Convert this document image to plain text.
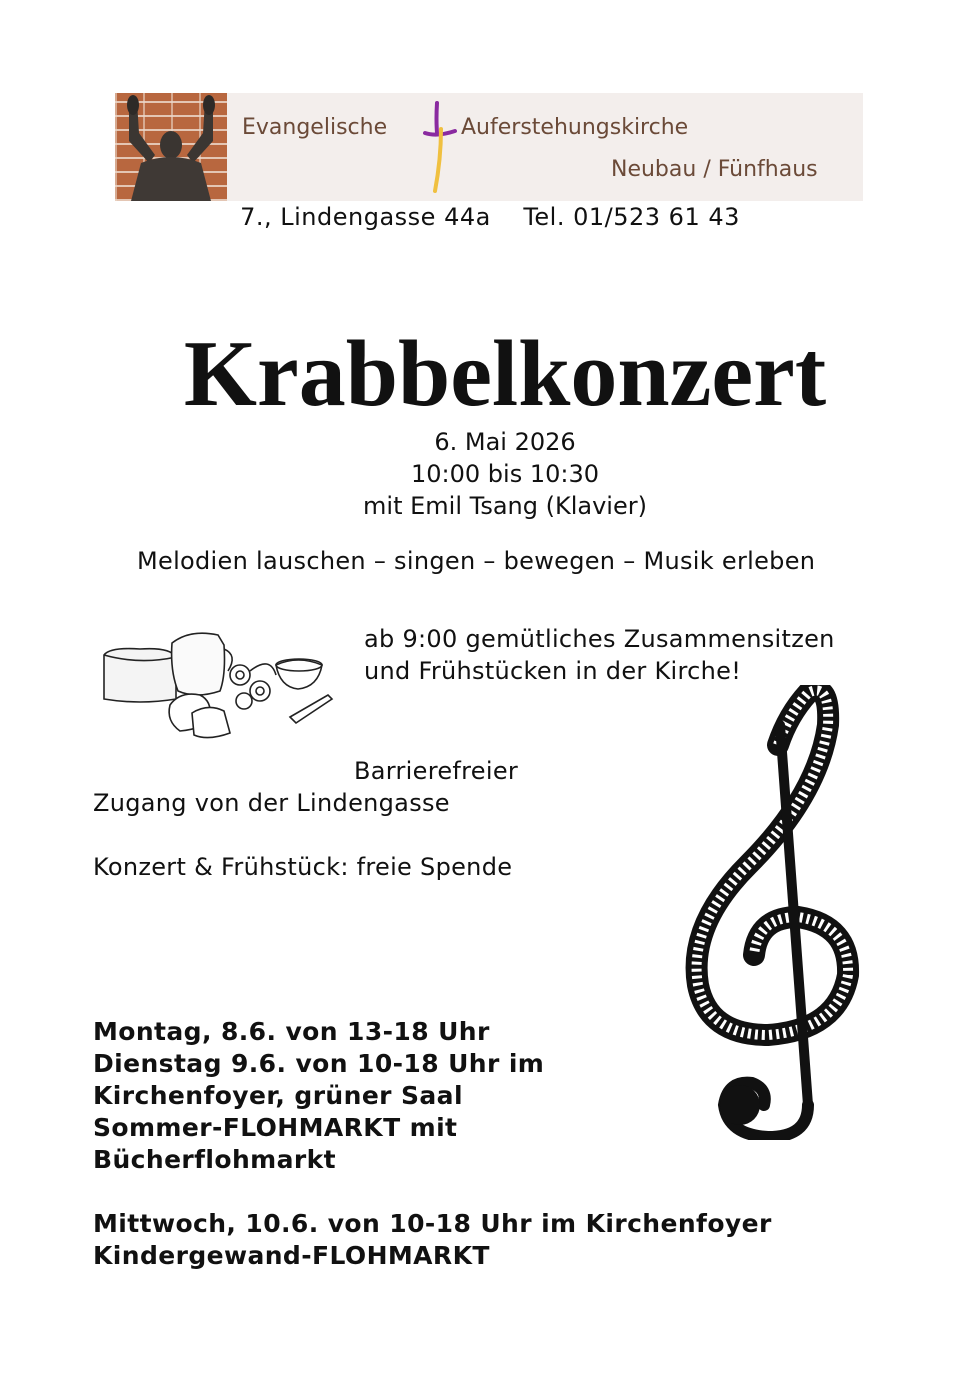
Evangelische	Auferstehungskirche
Neubau / Fünfhaus
7., Lindengasse 44a    Tel. 01/523 61 43
Krabbelkonzert
6. Mai 2026
10:00 bis 10:30
mit Emil Tsang (Klavier)
Melodien lauschen – singen – bewegen – Musik erleben
ab 9:00 gemütliches Zusammensitzen
und Frühstücken in der Kirche!
Barrierefreier
Zugang von der Lindengasse
Konzert & Frühstück: freie Spende
Montag, 8.6. von 13-18 Uhr
Dienstag 9.6. von 10-18 Uhr im
Kirchenfoyer, grüner Saal
Sommer-FLOHMARKT mit
Bücherflohmarkt
Mittwoch, 10.6. von 10-18 Uhr im Kirchenfoyer
Kindergewand-FLOHMARKT
